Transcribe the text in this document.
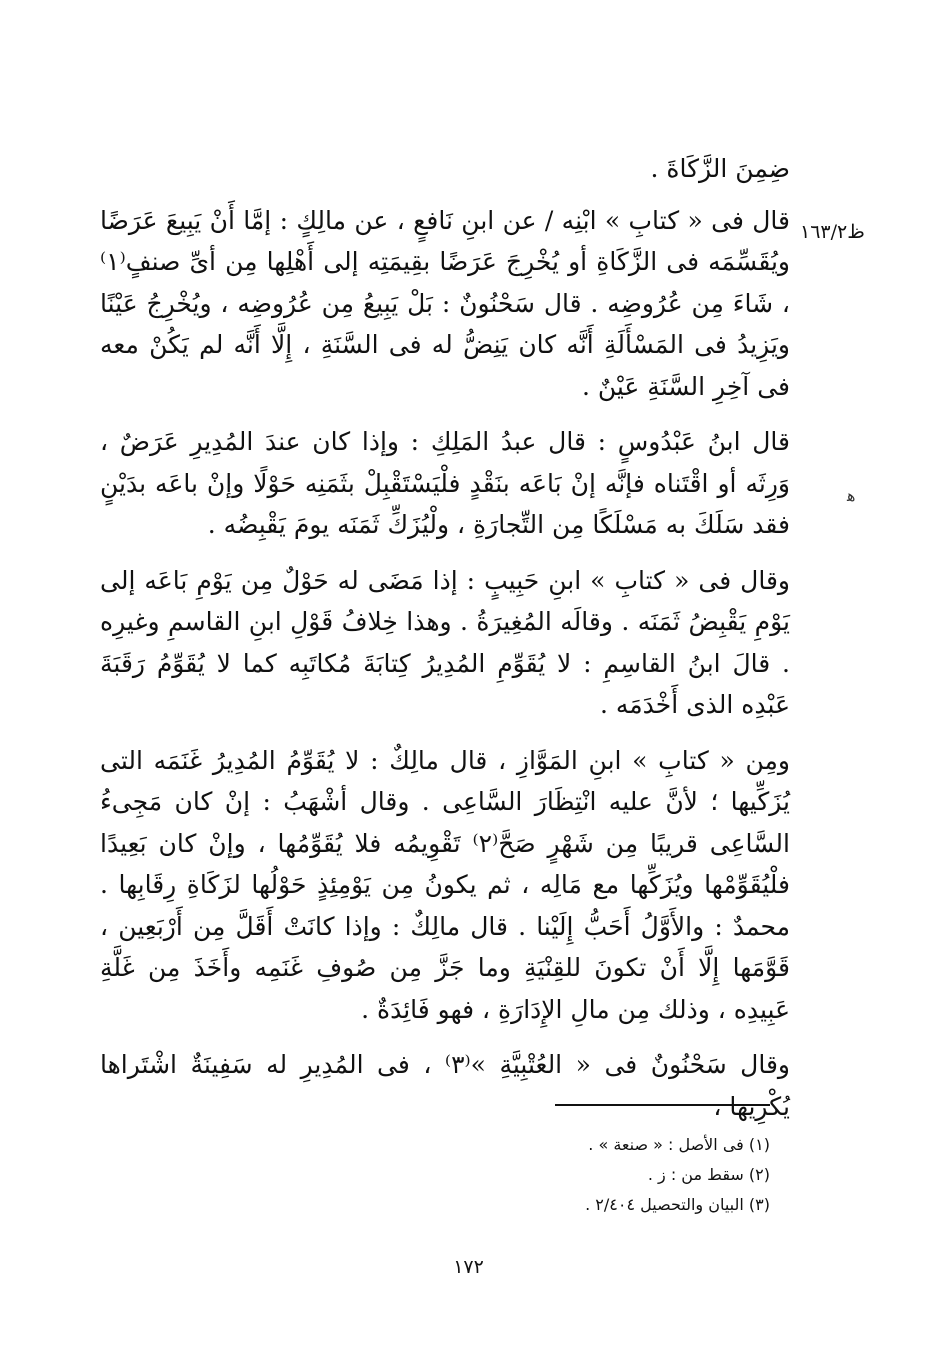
ظ١٦٣/٢
ﻫ

ضِمِنَ الزَّكَاةَ .

قال فى « كتابِ » ابْنِه / عن ابنِ نَافعٍ ، عن مالِكٍ : إمَّا أَنْ يَبِيعَ عَرَضًا ويُقَسِّمَه فى الزَّكَاةِ أو يُخْرِجَ عَرَضًا بقِيمَتِه إلى أَهْلِها مِن أىِّ صنفٍ⁽١⁾ ، شَاءَ مِن عُرُوضِه . قال سَحْنُونٌ : بَلْ يَبِيعُ مِن عُرُوضِه ، ويُخْرِجُ عَيْنًا ويَزِيدُ فى المَسْأَلَةِ أَنَّه كان يَنِضُّ له فى السَّنَةِ ، إِلَّا أَنَّه لم يَكُنْ معه فى آخِرِ السَّنَةِ عَيْنٌ .

قال ابنُ عَبْدُوسٍ : قال عبدُ المَلِكِ : وإذا كان عندَ المُدِيرِ عَرَضٌ ، وَرِثَه أو اقْتَناه فإنَّه إنْ بَاعَه بنَقْدٍ فلْيَسْتَقْبِلْ بثَمَنِه حَوْلًا وإنْ باعَه بدَيْنٍ فقد سَلَكَ به مَسْلَكًا مِن التِّجارَةِ ، ولْيُزَكِّ ثَمَنَه يومَ يَقْبِضُه .

وقال فى « كتابِ » ابنِ حَبِيبٍ : إذا مَضَى له حَوْلٌ مِن يَوْمِ بَاعَه إلى يَوْمِ يَقْبِضُ ثَمَنَه . وقالَه المُغِيرَةُ . وهذا خِلافُ قَوْلِ ابنِ القاسمِ وغيرِه . قالَ ابنُ القاسِمِ : لا يُقَوِّمِ المُدِيرُ كِتابَةَ مُكاتَبِه كما لا يُقَوِّمُ رَقَبَةَ عَبْدِه الذى أَخْدَمَه .

ومِن « كتابِ » ابنِ المَوَّازِ ، قال مالِكٌ : لا يُقَوِّمُ المُدِيرُ غَنَمَه التى يُزَكِّيها ؛ لأنَّ عليه انْتِظَارَ السَّاعِى . وقال أشْهَبُ : إنْ كان مَجِىءُ السَّاعِى قريبًا مِن شَهْرٍ صَحَّ⁽٢⁾ تَقْوِيمُه فلا يُقَوِّمُها ، وإنْ كان بَعِيدًا فلْيُقَوِّمْها ويُزَكِّها مع مَالِه ، ثم يكونُ مِن يَوْمِئِذٍ حَوْلُها لزَكَاةِ رِقَابِها . محمدٌ : والأَوَّلُ أَحَبُّ إِلَيْنا . قال مالِكٌ : وإذا كانَتْ أَقَلَّ مِن أَرْبَعِين ، قَوَّمَها إِلَّا أَنْ تكونَ للقِنْيَةِ وما جَزَّ مِن صُوفِ غَنَمِه وأَخَذَ مِن غَلَّةِ عَبِيدِه ، وذلك مِن مالِ الإِدَارَةِ ، فهو فَائِدَةٌ .

وقال سَحْنُونٌ فى « العُتْبِيَّةِ »⁽٣⁾ ، فى المُدِيرِ له سَفِينَةٌ اشْتَراها يُكْرِيها ،

(١) فى الأصل : « صنعة » .

(٢) سقط من : ز .

(٣) البيان والتحصيل ٢/٤٠٤ .

١٧٢
